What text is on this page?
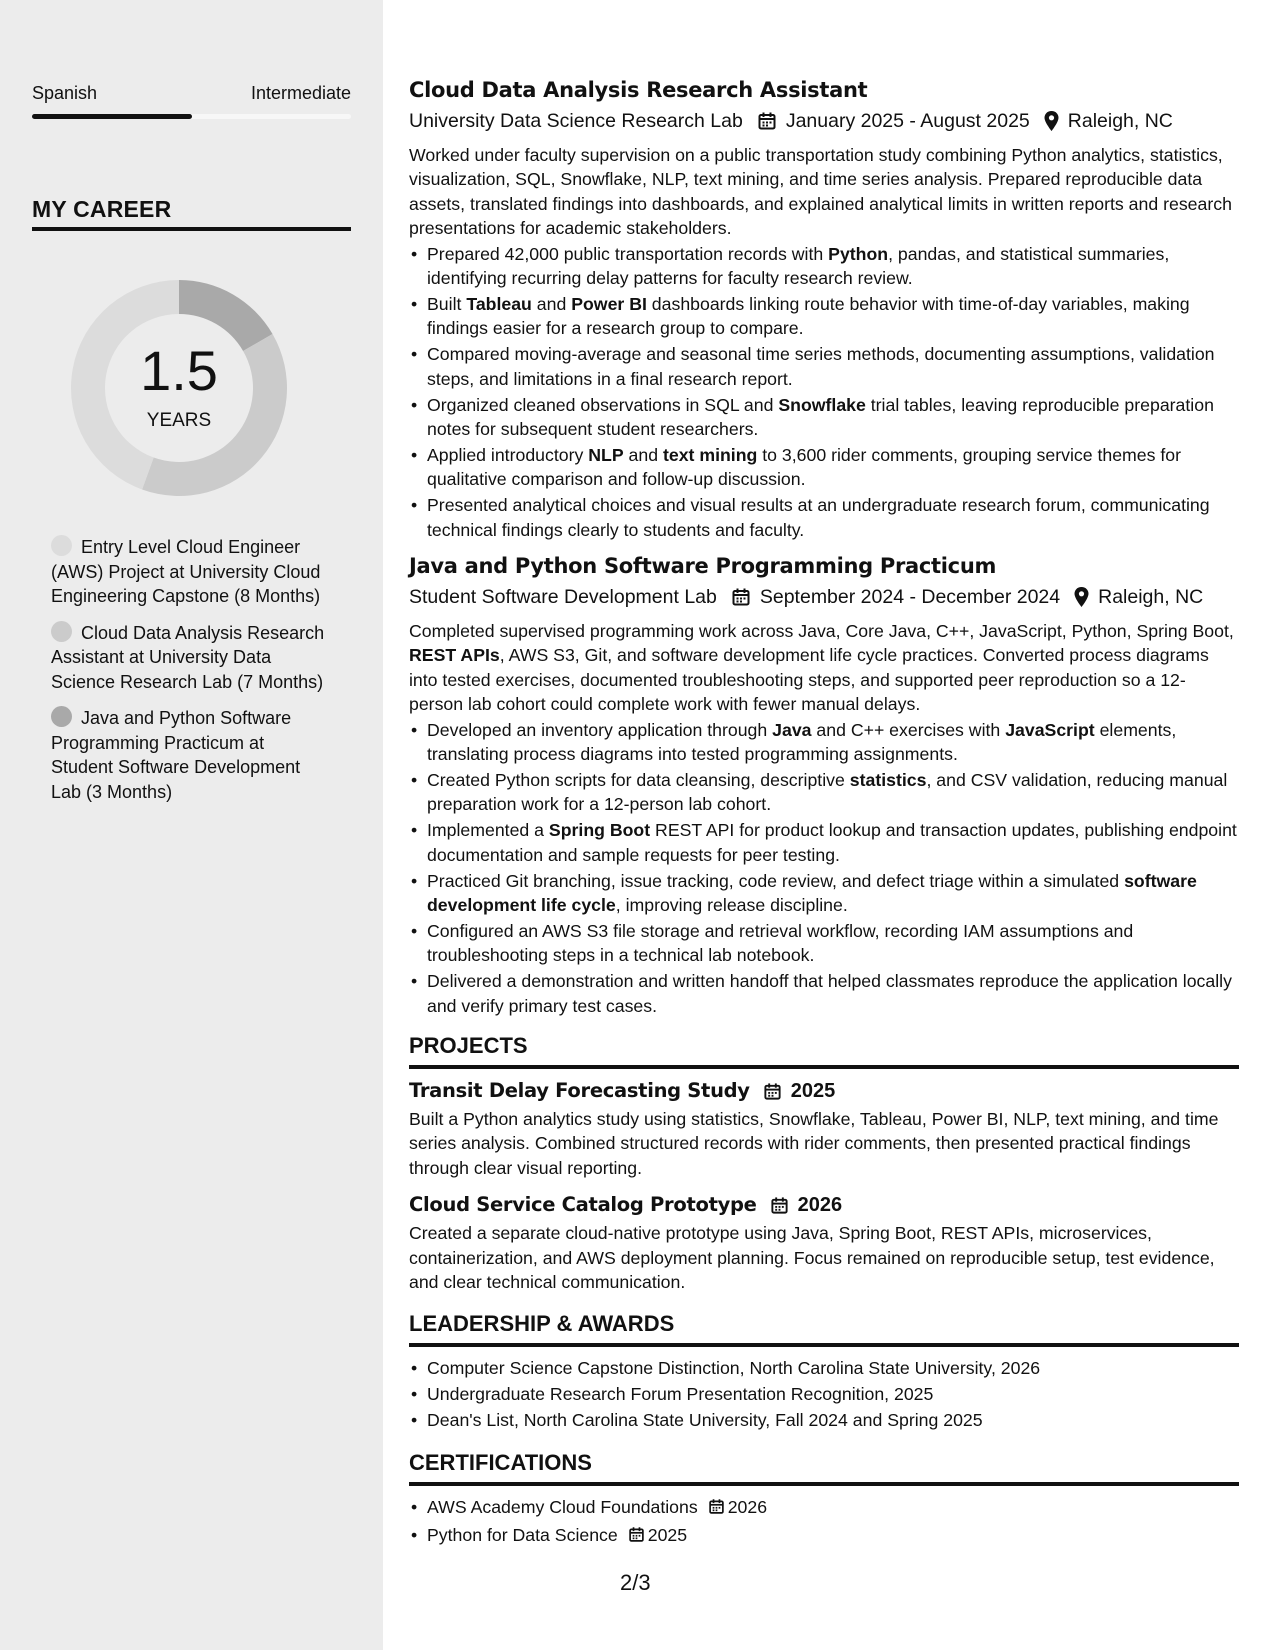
Spanish	Intermediate
MY CAREER
1.5
YEARS
Entry Level Cloud Engineer (AWS) Project at University Cloud Engineering Capstone (8 Months)
Cloud Data Analysis Research Assistant at University Data Science Research Lab (7 Months)
Java and Python Software Programming Practicum at Student Software Development Lab (3 Months)
Cloud Data Analysis Research Assistant
University Data Science Research Lab January 2025 - August 2025 Raleigh, NC
Worked under faculty supervision on a public transportation study combining Python analytics, statistics, visualization, SQL, Snowflake, NLP, text mining, and time series analysis. Prepared reproducible data assets, translated findings into dashboards, and explained analytical limits in written reports and research presentations for academic stakeholders.
• Prepared 42,000 public transportation records with Python, pandas, and statistical summaries, identifying recurring delay patterns for faculty research review.
• Built Tableau and Power BI dashboards linking route behavior with time-of-day variables, making findings easier for a research group to compare.
• Compared moving-average and seasonal time series methods, documenting assumptions, validation steps, and limitations in a final research report.
• Organized cleaned observations in SQL and Snowflake trial tables, leaving reproducible preparation notes for subsequent student researchers.
• Applied introductory NLP and text mining to 3,600 rider comments, grouping service themes for qualitative comparison and follow-up discussion.
• Presented analytical choices and visual results at an undergraduate research forum, communicating technical findings clearly to students and faculty.
Java and Python Software Programming Practicum
Student Software Development Lab September 2024 - December 2024 Raleigh, NC
Completed supervised programming work across Java, Core Java, C++, JavaScript, Python, Spring Boot, REST APIs, AWS S3, Git, and software development life cycle practices. Converted process diagrams into tested exercises, documented troubleshooting steps, and supported peer reproduction so a 12-person lab cohort could complete work with fewer manual delays.
• Developed an inventory application through Java and C++ exercises with JavaScript elements, translating process diagrams into tested programming assignments.
• Created Python scripts for data cleansing, descriptive statistics, and CSV validation, reducing manual preparation work for a 12-person lab cohort.
• Implemented a Spring Boot REST API for product lookup and transaction updates, publishing endpoint documentation and sample requests for peer testing.
• Practiced Git branching, issue tracking, code review, and defect triage within a simulated software development life cycle, improving release discipline.
• Configured an AWS S3 file storage and retrieval workflow, recording IAM assumptions and troubleshooting steps in a technical lab notebook.
• Delivered a demonstration and written handoff that helped classmates reproduce the application locally and verify primary test cases.
PROJECTS
Transit Delay Forecasting Study 2025
Built a Python analytics study using statistics, Snowflake, Tableau, Power BI, NLP, text mining, and time series analysis. Combined structured records with rider comments, then presented practical findings through clear visual reporting.
Cloud Service Catalog Prototype 2026
Created a separate cloud-native prototype using Java, Spring Boot, REST APIs, microservices, containerization, and AWS deployment planning. Focus remained on reproducible setup, test evidence, and clear technical communication.
LEADERSHIP & AWARDS
• Computer Science Capstone Distinction, North Carolina State University, 2026
• Undergraduate Research Forum Presentation Recognition, 2025
• Dean's List, North Carolina State University, Fall 2024 and Spring 2025
CERTIFICATIONS
• AWS Academy Cloud Foundations 2026
• Python for Data Science 2025
2/3
